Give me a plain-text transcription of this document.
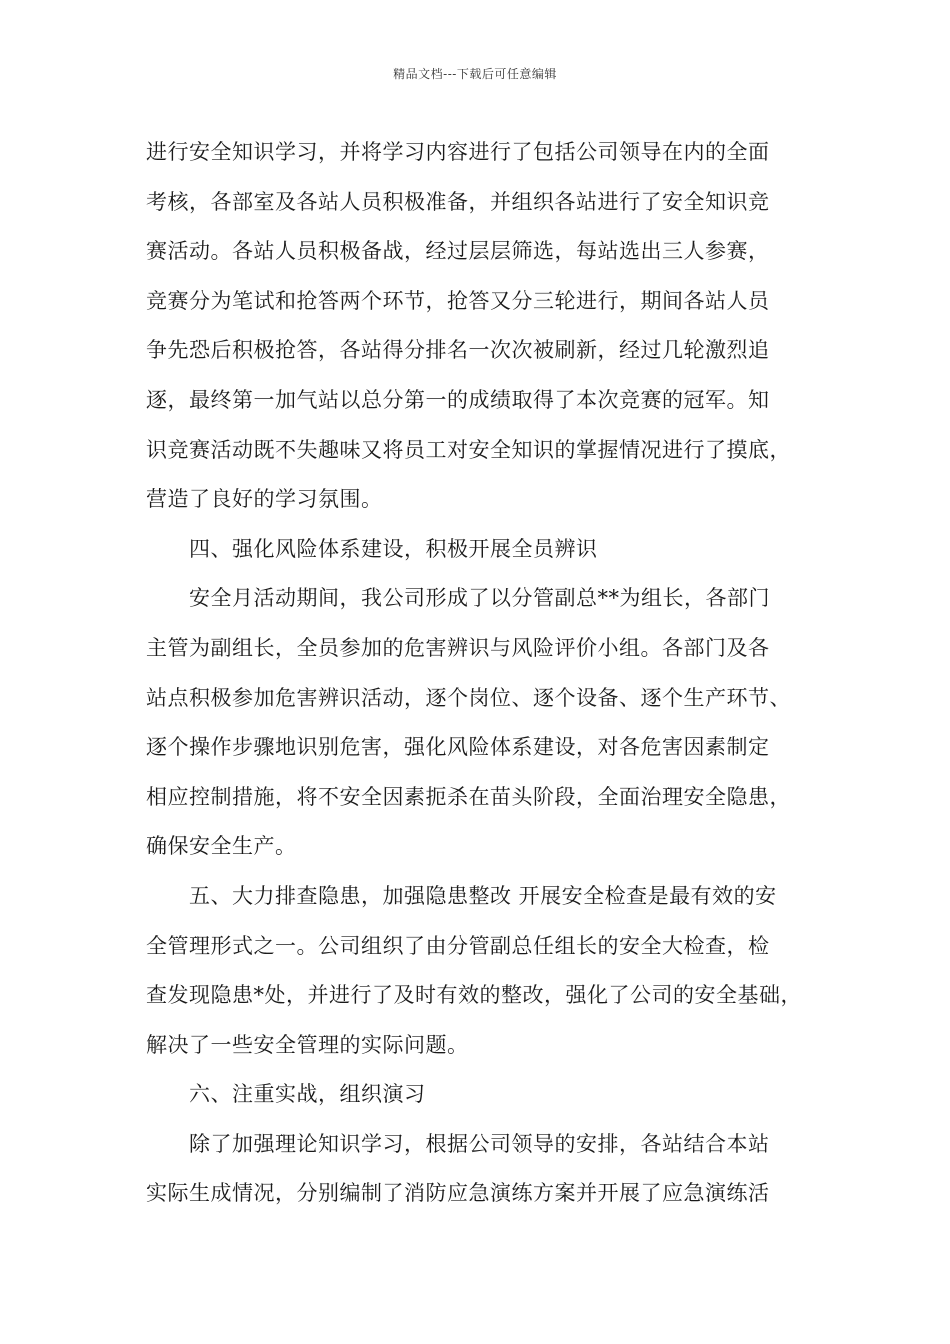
精品文档---下载后可任意编辑
进行安全知识学习，并将学习内容进行了包括公司领导在内的全面
考核，各部室及各站人员积极准备，并组织各站进行了安全知识竞
赛活动。各站人员积极备战，经过层层筛选，每站选出三人参赛，
竞赛分为笔试和抢答两个环节，抢答又分三轮进行，期间各站人员
争先恐后积极抢答，各站得分排名一次次被刷新，经过几轮激烈追
逐，最终第一加气站以总分第一的成绩取得了本次竞赛的冠军。知
识竞赛活动既不失趣味又将员工对安全知识的掌握情况进行了摸底，
营造了良好的学习氛围。
四、强化风险体系建设，积极开展全员辨识
安全月活动期间，我公司形成了以分管副总**为组长，各部门
主管为副组长，全员参加的危害辨识与风险评价小组。各部门及各
站点积极参加危害辨识活动，逐个岗位、逐个设备、逐个生产环节、
逐个操作步骤地识别危害，强化风险体系建设，对各危害因素制定
相应控制措施，将不安全因素扼杀在苗头阶段，全面治理安全隐患，
确保安全生产。
五、大力排查隐患，加强隐患整改 开展安全检查是最有效的安
全管理形式之一。公司组织了由分管副总任组长的安全大检查，检
查发现隐患*处，并进行了及时有效的整改，强化了公司的安全基础，
解决了一些安全管理的实际问题。
六、注重实战，组织演习
除了加强理论知识学习，根据公司领导的安排，各站结合本站
实际生成情况，分别编制了消防应急演练方案并开展了应急演练活
